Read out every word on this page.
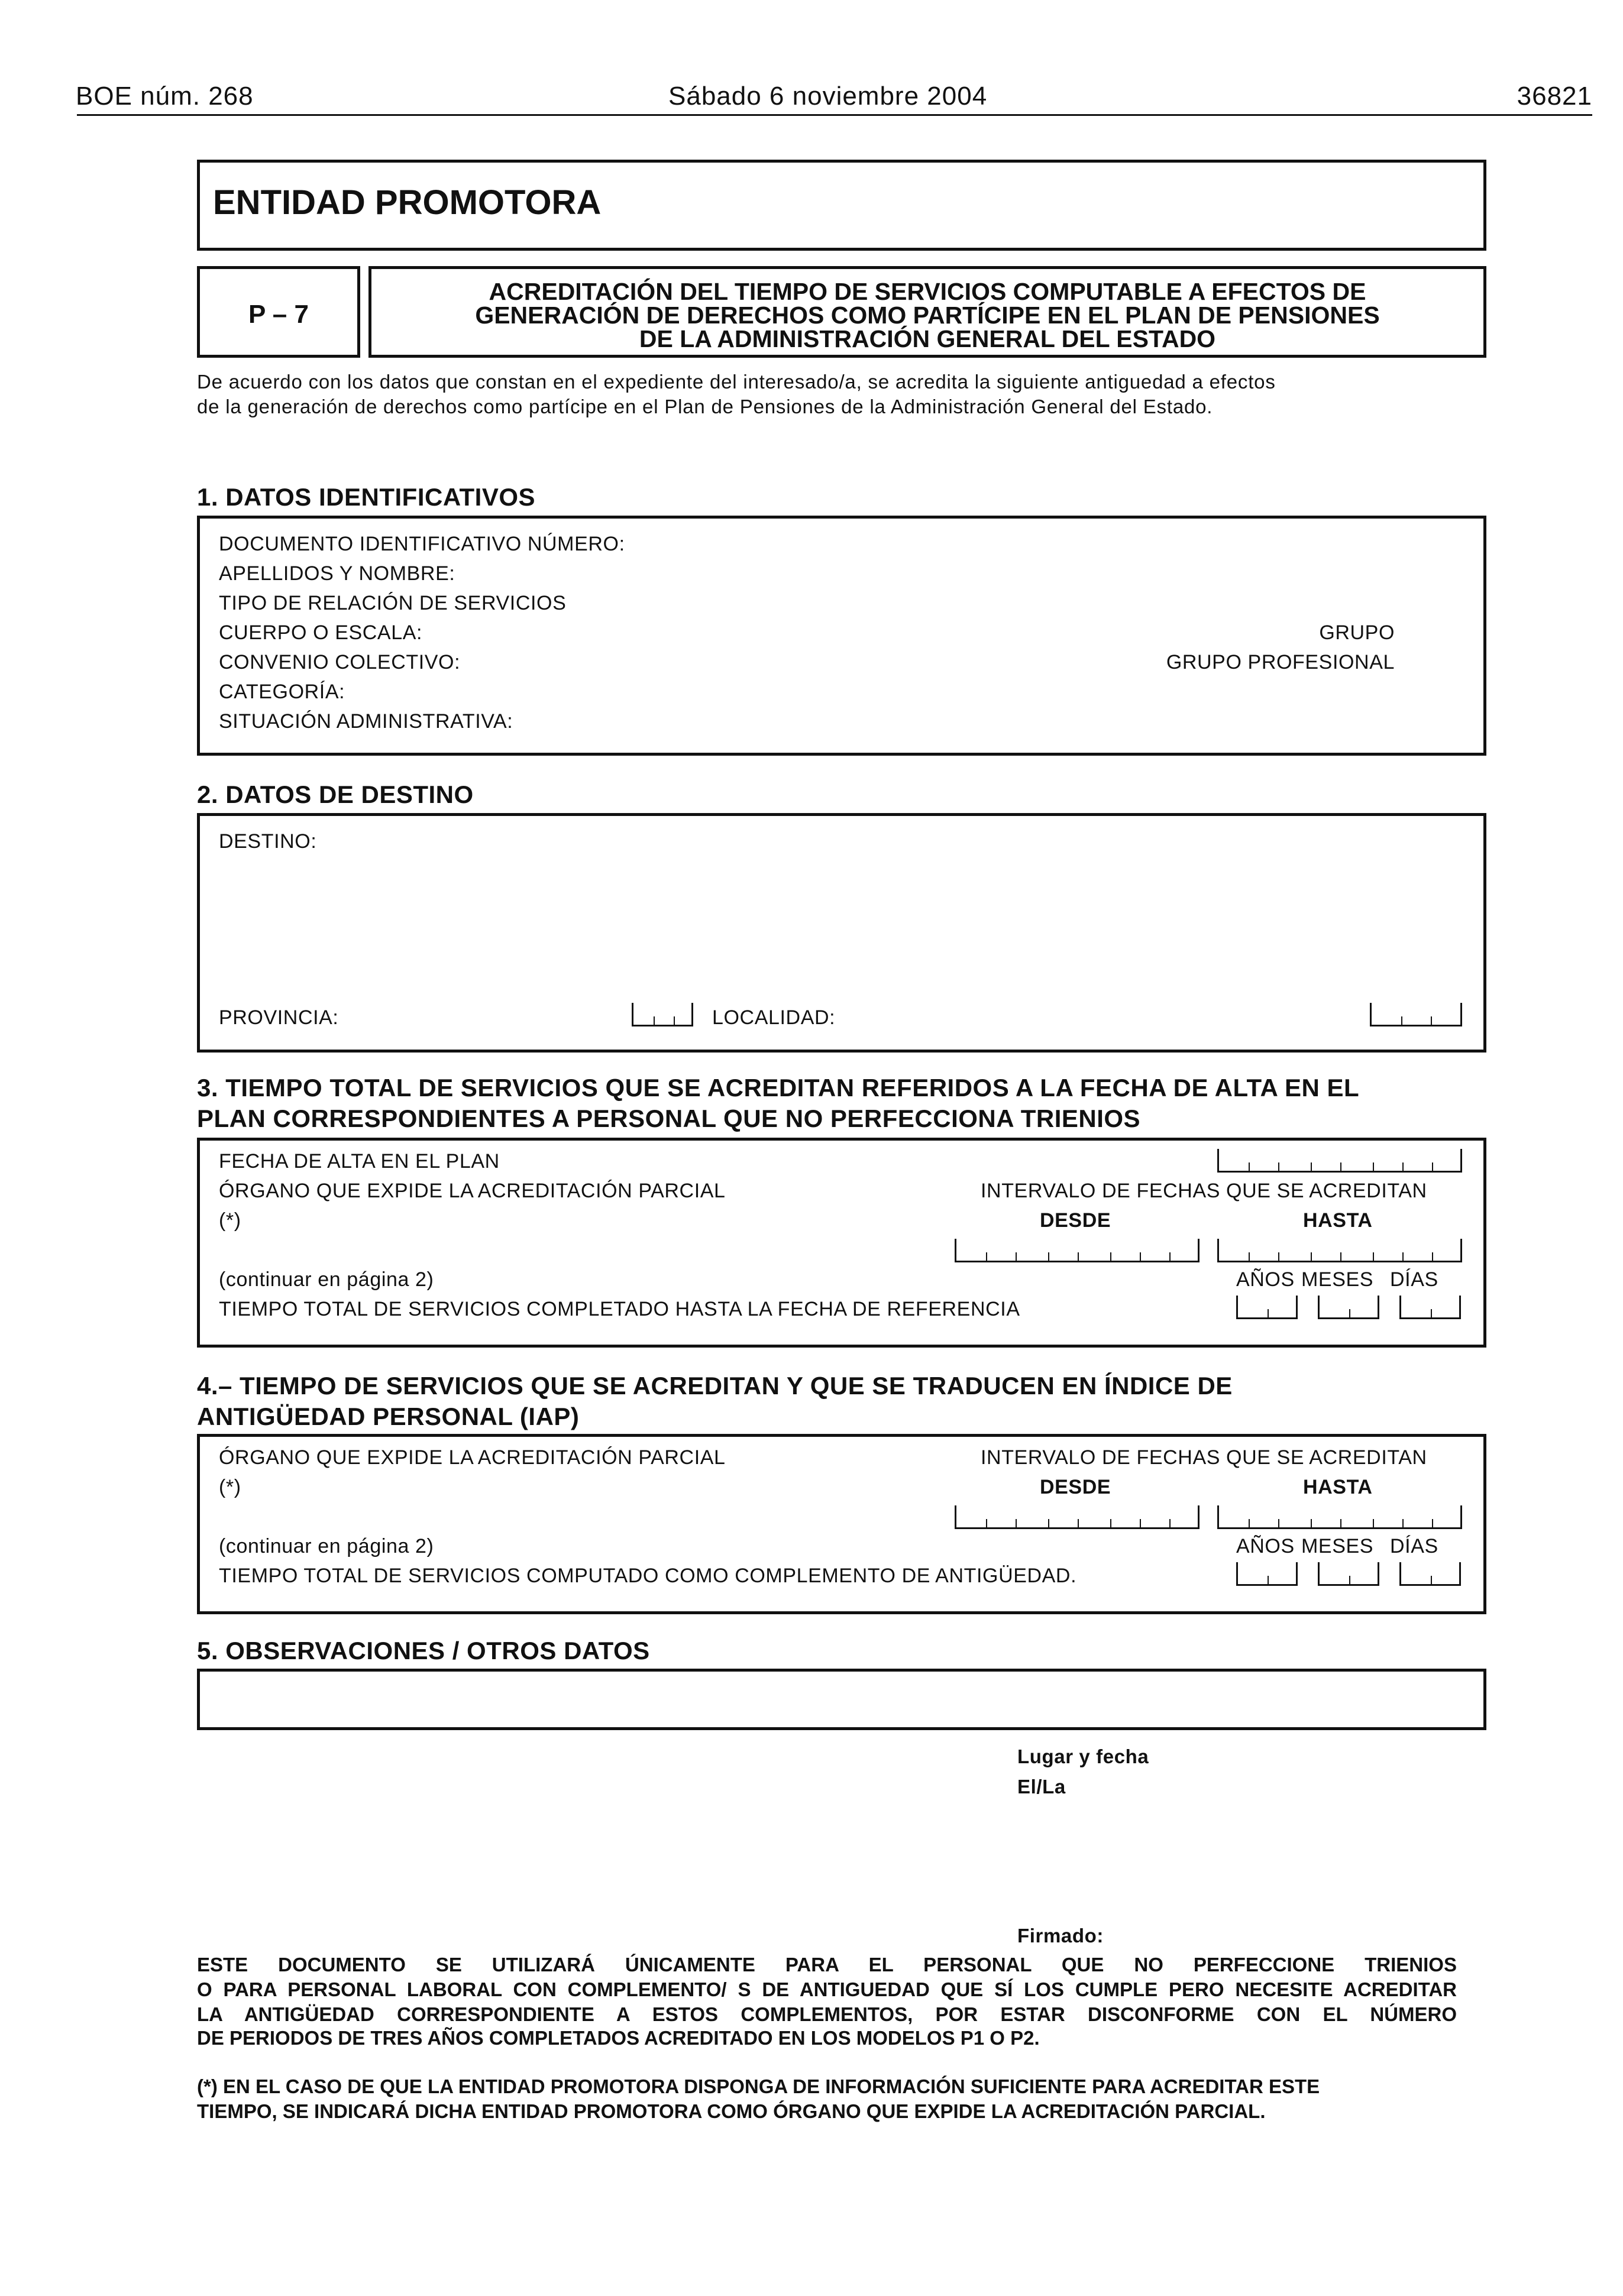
BOE núm. 268	Sábado 6 noviembre 2004	36821
ENTIDAD PROMOTORA
P – 7
ACREDITACIÓN DEL TIEMPO DE SERVICIOS COMPUTABLE A EFECTOS DE
GENERACIÓN DE DERECHOS COMO PARTÍCIPE EN EL PLAN DE PENSIONES
DE LA ADMINISTRACIÓN GENERAL DEL ESTADO
De acuerdo con los datos que constan en el expediente del interesado/a, se acredita la siguiente antiguedad a efectos
de la generación de derechos como partícipe en el Plan de Pensiones de la Administración General del Estado.
1. DATOS IDENTIFICATIVOS
DOCUMENTO IDENTIFICATIVO NÚMERO:
APELLIDOS Y NOMBRE:
TIPO DE RELACIÓN DE SERVICIOS
CUERPO O ESCALA:	GRUPO
CONVENIO COLECTIVO:	GRUPO PROFESIONAL
CATEGORÍA:
SITUACIÓN ADMINISTRATIVA:
2. DATOS DE DESTINO
DESTINO:
PROVINCIA:	LOCALIDAD:
3. TIEMPO TOTAL DE SERVICIOS QUE SE ACREDITAN REFERIDOS A LA FECHA DE ALTA EN EL
PLAN CORRESPONDIENTES A PERSONAL QUE NO PERFECCIONA TRIENIOS
FECHA DE ALTA EN EL PLAN
ÓRGANO QUE EXPIDE LA ACREDITACIÓN PARCIAL	INTERVALO DE FECHAS QUE SE ACREDITAN
(*)	DESDE	HASTA
(continuar en página 2)	AÑOS MESES DÍAS
TIEMPO TOTAL DE SERVICIOS COMPLETADO HASTA LA FECHA DE REFERENCIA
4.– TIEMPO DE SERVICIOS QUE SE ACREDITAN Y QUE SE TRADUCEN EN ÍNDICE DE
ANTIGÜEDAD PERSONAL (IAP)
ÓRGANO QUE EXPIDE LA ACREDITACIÓN PARCIAL	INTERVALO DE FECHAS QUE SE ACREDITAN
(*)	DESDE	HASTA
(continuar en página 2)	AÑOS MESES DÍAS
TIEMPO TOTAL DE SERVICIOS COMPUTADO COMO COMPLEMENTO DE ANTIGÜEDAD.
5. OBSERVACIONES / OTROS DATOS
Lugar y fecha
El/La
Firmado:
ESTE DOCUMENTO SE UTILIZARÁ ÚNICAMENTE PARA EL PERSONAL QUE NO PERFECCIONE TRIENIOS
O PARA PERSONAL LABORAL CON COMPLEMENTO/ S DE ANTIGUEDAD QUE SÍ LOS CUMPLE PERO NECESITE ACREDITAR
LA ANTIGÜEDAD CORRESPONDIENTE A ESTOS COMPLEMENTOS, POR ESTAR DISCONFORME CON EL NÚMERO
DE PERIODOS DE TRES AÑOS COMPLETADOS ACREDITADO EN LOS MODELOS P1 O P2.
(*) EN EL CASO DE QUE LA ENTIDAD PROMOTORA DISPONGA DE INFORMACIÓN SUFICIENTE PARA ACREDITAR ESTE
TIEMPO, SE INDICARÁ DICHA ENTIDAD PROMOTORA COMO ÓRGANO QUE EXPIDE LA ACREDITACIÓN PARCIAL.
